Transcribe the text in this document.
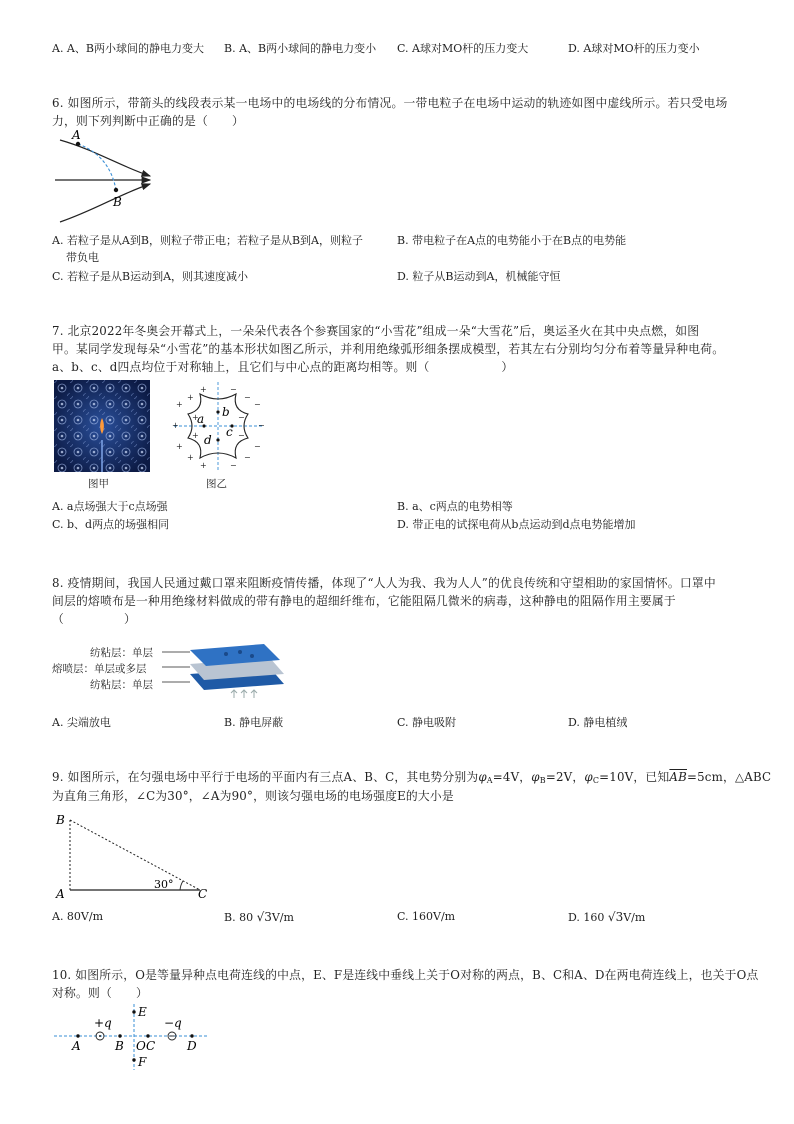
A. A、B两小球间的静电力变大 B. A、B两小球间的静电力变小 C. A球对MO杆的压力变大	D. A球对MO杆的压力变小
6. 如图所示，带箭头的线段表示某一电场中的电场线的分布情况。一带电粒子在电场中运动的轨迹如图中虚线所示。若只受电场
力，则下列判断中正确的是（　　）
A
B
A. 若粒子是从A到B，则粒子带正电；若粒子是从B到A，则粒子
带负电
B. 带电粒子在A点的电势能小于在B点的电势能
C. 若粒子是从B运动到A，则其速度减小	D. 粒子从B运动到A，机械能守恒
7. 北京2022年冬奥会开幕式上，一朵朵代表各个参赛国家的“小雪花”组成一朵“大雪花”后，奥运圣火在其中央点燃，如图
甲。某同学发现每朵“小雪花”的基本形状如图乙所示，并利用绝缘弧形细条摆成模型，若其左右分别均匀分布着等量异种电荷。
a、b、c、d四点均位于对称轴上，且它们与中心点的距离均相等。则（　　　　　　）
图甲
+
+
+
+
+
+
+
+
+
−
−
−
−
−
−
−
−
−
a b
c
d
图乙
A. a点场强大于c点场强	B. a、c两点的电势相等
C. b、d两点的场强相同	D. 带正电的试探电荷从b点运动到d点电势能增加
8. 疫情期间，我国人民通过戴口罩来阻断疫情传播，体现了“人人为我、我为人人”的优良传统和守望相助的家国情怀。口罩中
间层的熔喷布是一种用绝缘材料做成的带有静电的超细纤维布，它能阻隔几微米的病毒，这种静电的阻隔作用主要属于
（　　　　　）
纺粘层：单层
熔喷层：单层或多层
纺粘层：单层
A. 尖端放电	B. 静电屏蔽	C. 静电吸附	D. 静电植绒
9. 如图所示，在匀强电场中平行于电场的平面内有三点A、B、C，其电势分别为$\varphi_A=4V$，$\varphi_B=2V$，$\varphi_C=10V$，已知$\overline{AB}=5cm$，△ABC
为直角三角形，∠C为30°，∠A为90°，则该匀强电场的电场强度E的大小是
B
A	C
30°
A. 80V/m	B. 80 √3V/m	C. 160V/m	D. 160 √3V/m
10. 如图所示，O是等量异种点电荷连线的中点，E、F是连线中垂线上关于O对称的两点，B、C和A、D在两电荷连线上，也关于O点
对称。则（　　）
+q	−q
A	B O C	D
E
F
